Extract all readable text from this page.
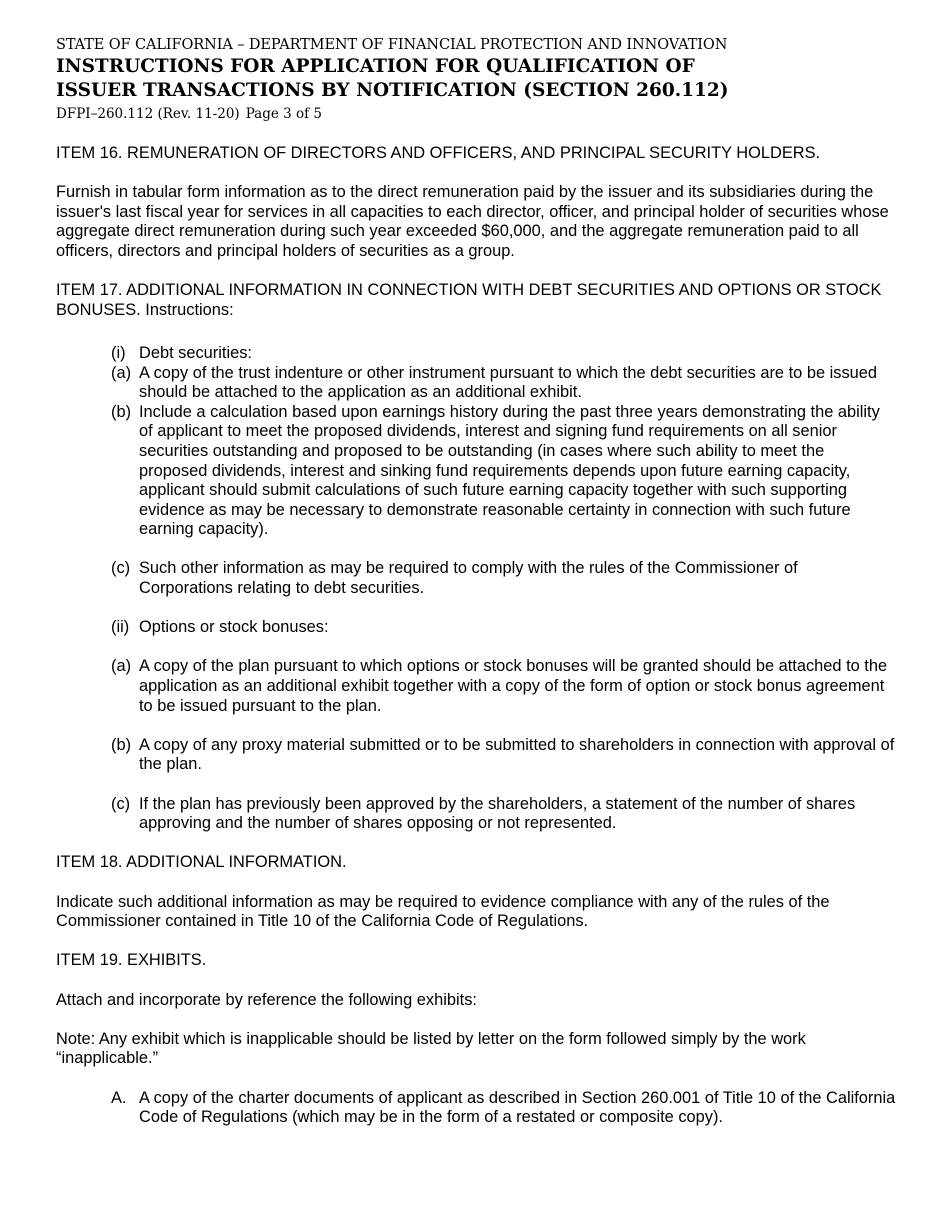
STATE OF CALIFORNIA – DEPARTMENT OF FINANCIAL PROTECTION AND INNOVATION
INSTRUCTIONS FOR APPLICATION FOR QUALIFICATION OF
ISSUER TRANSACTIONS BY NOTIFICATION (SECTION 260.112)
DFPI–260.112 (Rev. 11-20) Page 3 of 5

ITEM 16. REMUNERATION OF DIRECTORS AND OFFICERS, AND PRINCIPAL SECURITY HOLDERS.

Furnish in tabular form information as to the direct remuneration paid by the issuer and its subsidiaries during the issuer's last fiscal year for services in all capacities to each director, officer, and principal holder of securities whose aggregate direct remuneration during such year exceeded $60,000, and the aggregate remuneration paid to all officers, directors and principal holders of securities as a group.

ITEM 17. ADDITIONAL INFORMATION IN CONNECTION WITH DEBT SECURITIES AND OPTIONS OR STOCK BONUSES. Instructions:

(i) Debt securities:

(a) A copy of the trust indenture or other instrument pursuant to which the debt securities are to be issued should be attached to the application as an additional exhibit.

(b) Include a calculation based upon earnings history during the past three years demonstrating the ability of applicant to meet the proposed dividends, interest and signing fund requirements on all senior securities outstanding and proposed to be outstanding (in cases where such ability to meet the proposed dividends, interest and sinking fund requirements depends upon future earning capacity, applicant should submit calculations of such future earning capacity together with such supporting evidence as may be necessary to demonstrate reasonable certainty in connection with such future earning capacity).

(c) Such other information as may be required to comply with the rules of the Commissioner of Corporations relating to debt securities.

(ii) Options or stock bonuses:

(a) A copy of the plan pursuant to which options or stock bonuses will be granted should be attached to the application as an additional exhibit together with a copy of the form of option or stock bonus agreement to be issued pursuant to the plan.

(b) A copy of any proxy material submitted or to be submitted to shareholders in connection with approval of the plan.

(c) If the plan has previously been approved by the shareholders, a statement of the number of shares approving and the number of shares opposing or not represented.

ITEM 18. ADDITIONAL INFORMATION.

Indicate such additional information as may be required to evidence compliance with any of the rules of the Commissioner contained in Title 10 of the California Code of Regulations.

ITEM 19. EXHIBITS.

Attach and incorporate by reference the following exhibits:

Note: Any exhibit which is inapplicable should be listed by letter on the form followed simply by the work “inapplicable.”

A. A copy of the charter documents of applicant as described in Section 260.001 of Title 10 of the California Code of Regulations (which may be in the form of a restated or composite copy).
